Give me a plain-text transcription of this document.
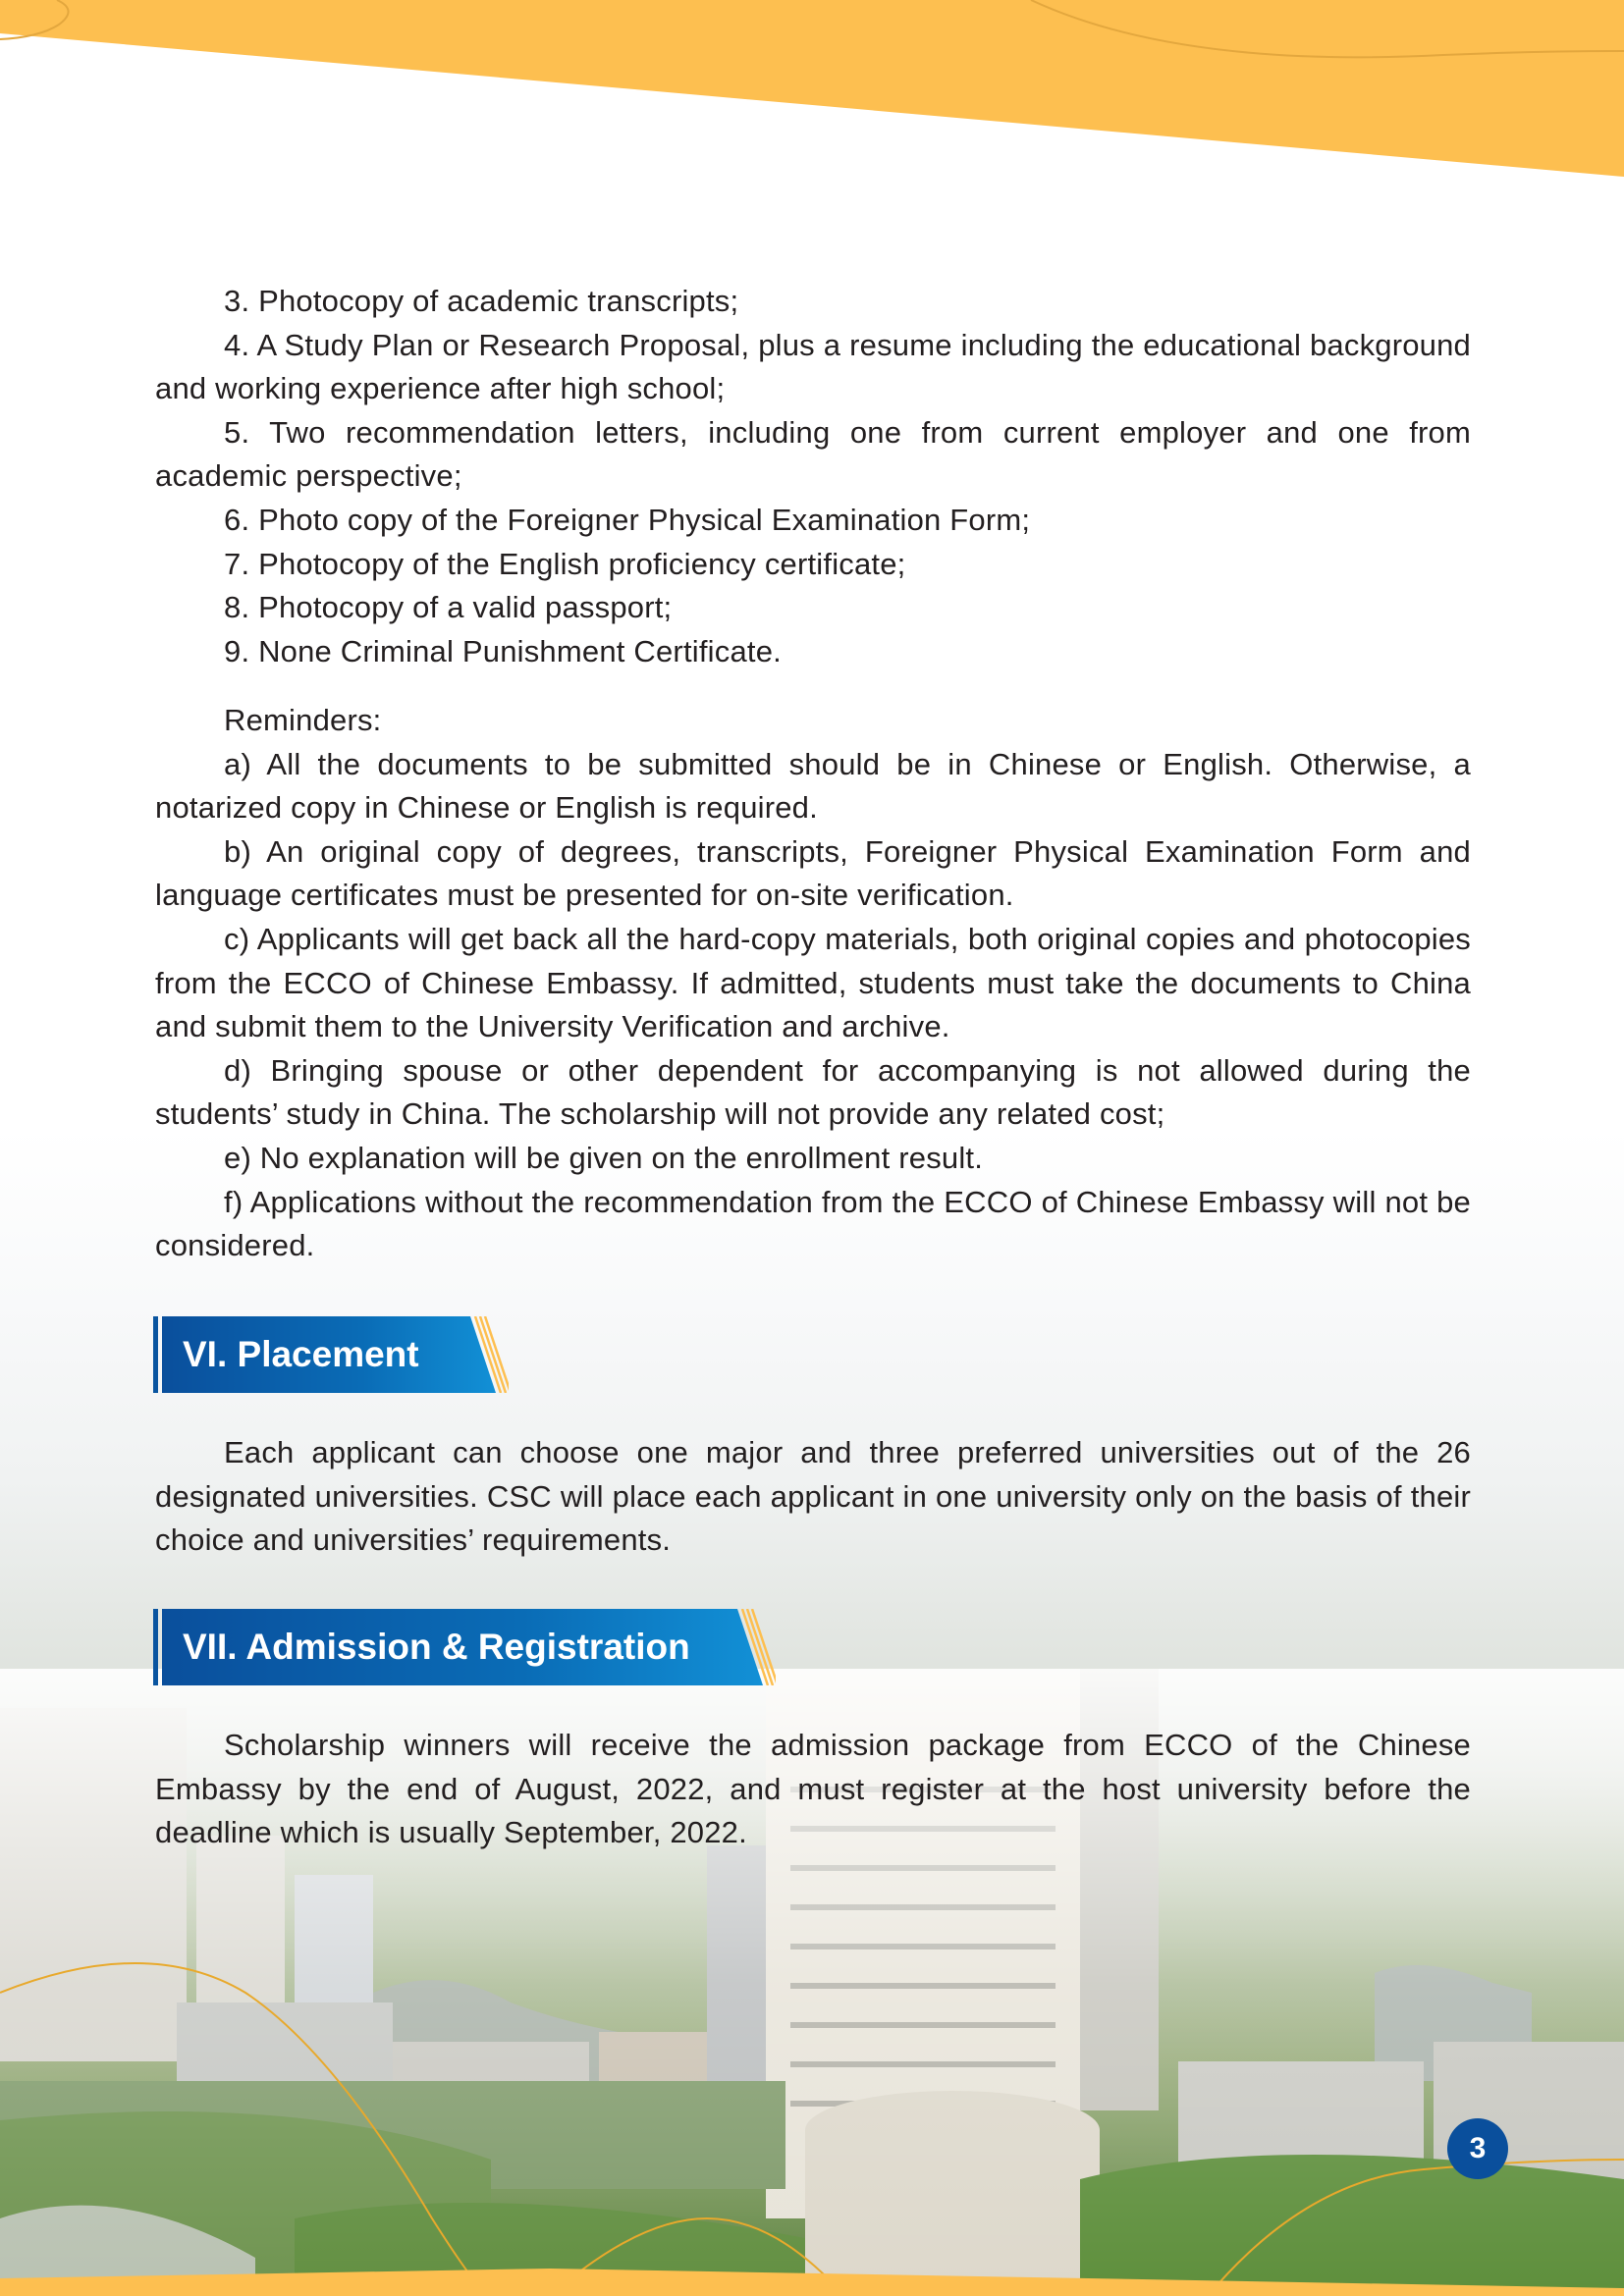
3. Photocopy of academic transcripts;

4. A Study Plan or Research Proposal, plus a resume including the educational background and working experience after high school;

5. Two recommendation letters, including one from current employer and one from academic perspective;

6. Photo copy of the Foreigner Physical Examination Form;

7. Photocopy of the English proficiency certificate;

8. Photocopy of a valid passport;

9. None Criminal Punishment Certificate.

Reminders:

a) All the documents to be submitted should be in Chinese or English. Otherwise, a notarized copy in Chinese or English is required.

b) An original copy of degrees, transcripts, Foreigner Physical Examination Form and language certificates must be presented for on-site verification.

c) Applicants will get back all the hard-copy materials, both original copies and photocopies from the ECCO of Chinese Embassy. If admitted, students must take the documents to China and submit them to the University Verification and archive.

d) Bringing spouse or other dependent for accompanying is not allowed during the students’ study in China. The scholarship will not provide any related cost;

e) No explanation will be given on the enrollment result.

f) Applications without the recommendation from the ECCO of Chinese Embassy will not be considered.

VI. Placement

Each applicant can choose one major and three preferred universities out of the 26 designated universities. CSC will place each applicant in one university only on the basis of their choice and universities’ requirements.

VII. Admission & Registration

Scholarship winners will receive the admission package from ECCO of the Chinese Embassy by the end of August, 2022, and must register at the host university before the deadline which is usually September, 2022.

3
